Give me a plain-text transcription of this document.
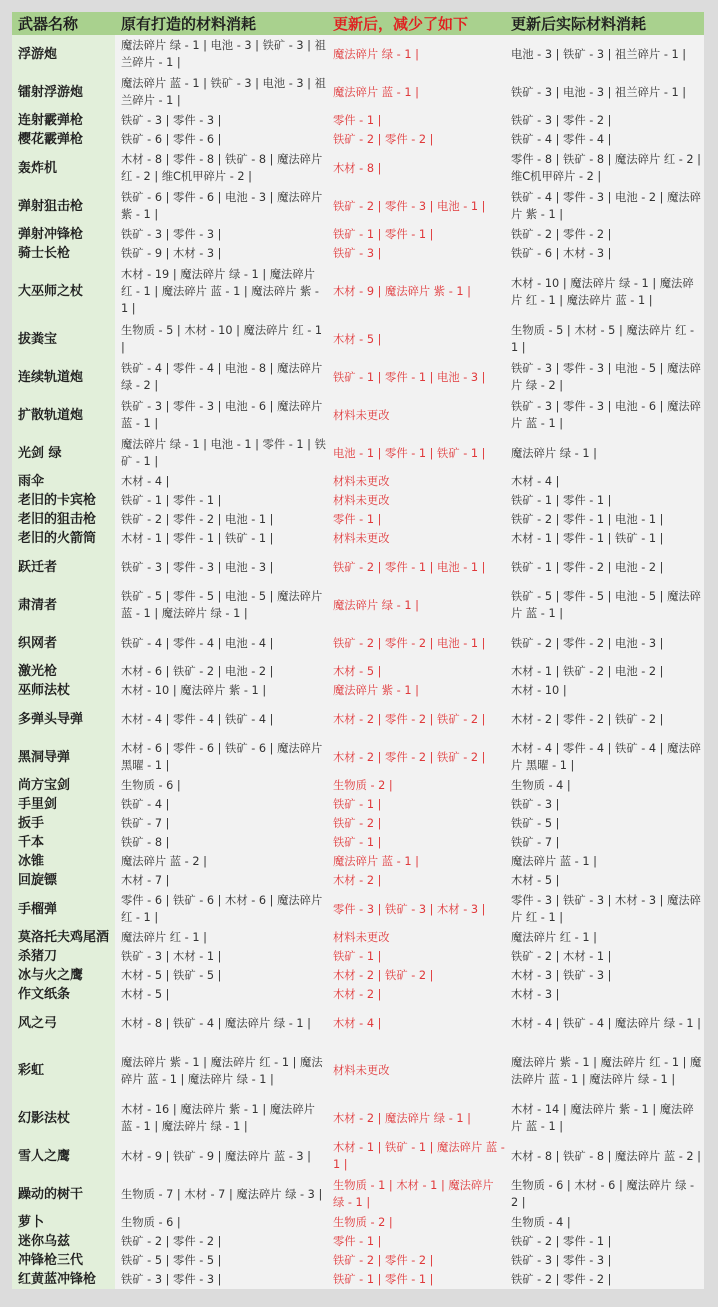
武器名称	原有打造的材料消耗	更新后，减少了如下	更新后实际材料消耗
浮游炮	魔法碎片 绿 - 1 | 电池 - 3 | 铁矿 - 3 | 祖兰碎片 - 1 |	魔法碎片 绿 - 1 |	电池 - 3 | 铁矿 - 3 | 祖兰碎片 - 1 |
镭射浮游炮	魔法碎片 蓝 - 1 | 铁矿 - 3 | 电池 - 3 | 祖兰碎片 - 1 |	魔法碎片 蓝 - 1 |	铁矿 - 3 | 电池 - 3 | 祖兰碎片 - 1 |
连射霰弹枪	铁矿 - 3 | 零件 - 3 |	零件 - 1 |	铁矿 - 3 | 零件 - 2 |
樱花霰弹枪	铁矿 - 6 | 零件 - 6 |	铁矿 - 2 | 零件 - 2 |	铁矿 - 4 | 零件 - 4 |
轰炸机	木材 - 8 | 零件 - 8 | 铁矿 - 8 | 魔法碎片 红 - 2 | 维C机甲碎片 - 2 |	木材 - 8 |	零件 - 8 | 铁矿 - 8 | 魔法碎片 红 - 2 | 维C机甲碎片 - 2 |
弹射狙击枪	铁矿 - 6 | 零件 - 6 | 电池 - 3 | 魔法碎片 紫 - 1 |	铁矿 - 2 | 零件 - 3 | 电池 - 1 |	铁矿 - 4 | 零件 - 3 | 电池 - 2 | 魔法碎片 紫 - 1 |
弹射冲锋枪	铁矿 - 3 | 零件 - 3 |	铁矿 - 1 | 零件 - 1 |	铁矿 - 2 | 零件 - 2 |
骑士长枪	铁矿 - 9 | 木材 - 3 |	铁矿 - 3 |	铁矿 - 6 | 木材 - 3 |
大巫师之杖	木材 - 19 | 魔法碎片 绿 - 1 | 魔法碎片 红 - 1 | 魔法碎片 蓝 - 1 | 魔法碎片 紫 - 1 |	木材 - 9 | 魔法碎片 紫 - 1 |	木材 - 10 | 魔法碎片 绿 - 1 | 魔法碎片 红 - 1 | 魔法碎片 蓝 - 1 |
拔粪宝	生物质 - 5 | 木材 - 10 | 魔法碎片 红 - 1 |	木材 - 5 |	生物质 - 5 | 木材 - 5 | 魔法碎片 红 - 1 |
连续轨道炮	铁矿 - 4 | 零件 - 4 | 电池 - 8 | 魔法碎片 绿 - 2 |	铁矿 - 1 | 零件 - 1 | 电池 - 3 |	铁矿 - 3 | 零件 - 3 | 电池 - 5 | 魔法碎片 绿 - 2 |
扩散轨道炮	铁矿 - 3 | 零件 - 3 | 电池 - 6 | 魔法碎片 蓝 - 1 |	材料未更改	铁矿 - 3 | 零件 - 3 | 电池 - 6 | 魔法碎片 蓝 - 1 |
光剑 绿	魔法碎片 绿 - 1 | 电池 - 1 | 零件 - 1 | 铁矿 - 1 |	电池 - 1 | 零件 - 1 | 铁矿 - 1 |	魔法碎片 绿 - 1 |
雨伞	木材 - 4 |	材料未更改	木材 - 4 |
老旧的卡宾枪	铁矿 - 1 | 零件 - 1 |	材料未更改	铁矿 - 1 | 零件 - 1 |
老旧的狙击枪	铁矿 - 2 | 零件 - 2 | 电池 - 1 |	零件 - 1 |	铁矿 - 2 | 零件 - 1 | 电池 - 1 |
老旧的火箭筒	木材 - 1 | 零件 - 1 | 铁矿 - 1 |	材料未更改	木材 - 1 | 零件 - 1 | 铁矿 - 1 |
跃迁者	铁矿 - 3 | 零件 - 3 | 电池 - 3 |	铁矿 - 2 | 零件 - 1 | 电池 - 1 |	铁矿 - 1 | 零件 - 2 | 电池 - 2 |
肃清者	铁矿 - 5 | 零件 - 5 | 电池 - 5 | 魔法碎片 蓝 - 1 | 魔法碎片 绿 - 1 |	魔法碎片 绿 - 1 |	铁矿 - 5 | 零件 - 5 | 电池 - 5 | 魔法碎片 蓝 - 1 |
织网者	铁矿 - 4 | 零件 - 4 | 电池 - 4 |	铁矿 - 2 | 零件 - 2 | 电池 - 1 |	铁矿 - 2 | 零件 - 2 | 电池 - 3 |
激光枪	木材 - 6 | 铁矿 - 2 | 电池 - 2 |	木材 - 5 |	木材 - 1 | 铁矿 - 2 | 电池 - 2 |
巫师法杖	木材 - 10 | 魔法碎片 紫 - 1 |	魔法碎片 紫 - 1 |	木材 - 10 |
多弹头导弹	木材 - 4 | 零件 - 4 | 铁矿 - 4 |	木材 - 2 | 零件 - 2 | 铁矿 - 2 |	木材 - 2 | 零件 - 2 | 铁矿 - 2 |
黑洞导弹	木材 - 6 | 零件 - 6 | 铁矿 - 6 | 魔法碎片 黑曜 - 1 |	木材 - 2 | 零件 - 2 | 铁矿 - 2 |	木材 - 4 | 零件 - 4 | 铁矿 - 4 | 魔法碎片 黑曜 - 1 |
尚方宝剑	生物质 - 6 |	生物质 - 2 |	生物质 - 4 |
手里剑	铁矿 - 4 |	铁矿 - 1 |	铁矿 - 3 |
扳手	铁矿 - 7 |	铁矿 - 2 |	铁矿 - 5 |
千本	铁矿 - 8 |	铁矿 - 1 |	铁矿 - 7 |
冰锥	魔法碎片 蓝 - 2 |	魔法碎片 蓝 - 1 |	魔法碎片 蓝 - 1 |
回旋镖	木材 - 7 |	木材 - 2 |	木材 - 5 |
手榴弹	零件 - 6 | 铁矿 - 6 | 木材 - 6 | 魔法碎片 红 - 1 |	零件 - 3 | 铁矿 - 3 | 木材 - 3 |	零件 - 3 | 铁矿 - 3 | 木材 - 3 | 魔法碎片 红 - 1 |
莫洛托夫鸡尾酒	魔法碎片 红 - 1 |	材料未更改	魔法碎片 红 - 1 |
杀猪刀	铁矿 - 3 | 木材 - 1 |	铁矿 - 1 |	铁矿 - 2 | 木材 - 1 |
冰与火之鹰	木材 - 5 | 铁矿 - 5 |	木材 - 2 | 铁矿 - 2 |	木材 - 3 | 铁矿 - 3 |
作文纸条	木材 - 5 |	木材 - 2 |	木材 - 3 |
风之弓	木材 - 8 | 铁矿 - 4 | 魔法碎片 绿 - 1 |	木材 - 4 |	木材 - 4 | 铁矿 - 4 | 魔法碎片 绿 - 1 |
彩虹	魔法碎片 紫 - 1 | 魔法碎片 红 - 1 | 魔法碎片 蓝 - 1 | 魔法碎片 绿 - 1 |	材料未更改	魔法碎片 紫 - 1 | 魔法碎片 红 - 1 | 魔法碎片 蓝 - 1 | 魔法碎片 绿 - 1 |
幻影法杖	木材 - 16 | 魔法碎片 紫 - 1 | 魔法碎片 蓝 - 1 | 魔法碎片 绿 - 1 |	木材 - 2 | 魔法碎片 绿 - 1 |	木材 - 14 | 魔法碎片 紫 - 1 | 魔法碎片 蓝 - 1 |
雪人之鹰	木材 - 9 | 铁矿 - 9 | 魔法碎片 蓝 - 3 |	木材 - 1 | 铁矿 - 1 | 魔法碎片 蓝 - 1 |	木材 - 8 | 铁矿 - 8 | 魔法碎片 蓝 - 2 |
躁动的树干	生物质 - 7 | 木材 - 7 | 魔法碎片 绿 - 3 |	生物质 - 1 | 木材 - 1 | 魔法碎片 绿 - 1 |	生物质 - 6 | 木材 - 6 | 魔法碎片 绿 - 2 |
萝卜	生物质 - 6 |	生物质 - 2 |	生物质 - 4 |
迷你乌兹	铁矿 - 2 | 零件 - 2 |	零件 - 1 |	铁矿 - 2 | 零件 - 1 |
冲锋枪三代	铁矿 - 5 | 零件 - 5 |	铁矿 - 2 | 零件 - 2 |	铁矿 - 3 | 零件 - 3 |
红黄蓝冲锋枪	铁矿 - 3 | 零件 - 3 |	铁矿 - 1 | 零件 - 1 |	铁矿 - 2 | 零件 - 2 |
